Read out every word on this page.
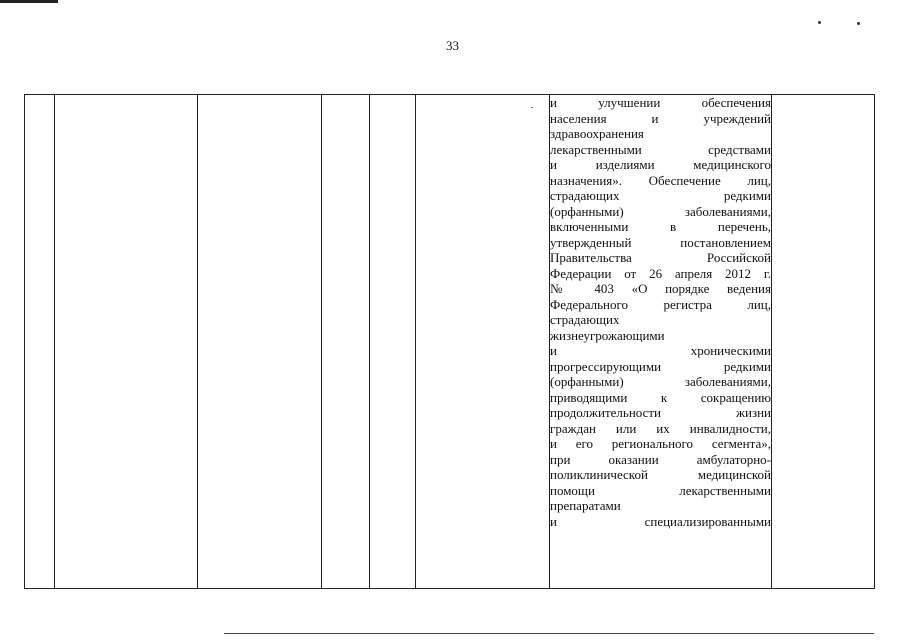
33

и улучшении обеспечения
населения и учреждений
здравоохранения
лекарственными средствами
и изделиями медицинского
назначения». Обеспечение лиц,
страдающих редкими
(орфанными) заболеваниями,
включенными в перечень,
утвержденный постановлением
Правительства Российской
Федерации от 26 апреля 2012 г.
№ 403 «О порядке ведения
Федерального регистра лиц,
страдающих
жизнеугрожающими
и хроническими
прогрессирующими редкими
(орфанными) заболеваниями,
приводящими к сокращению
продолжительности жизни
граждан или их инвалидности,
и его регионального сегмента»,
при оказании амбулаторно-
поликлинической медицинской
помощи лекарственными
препаратами
и специализированными
